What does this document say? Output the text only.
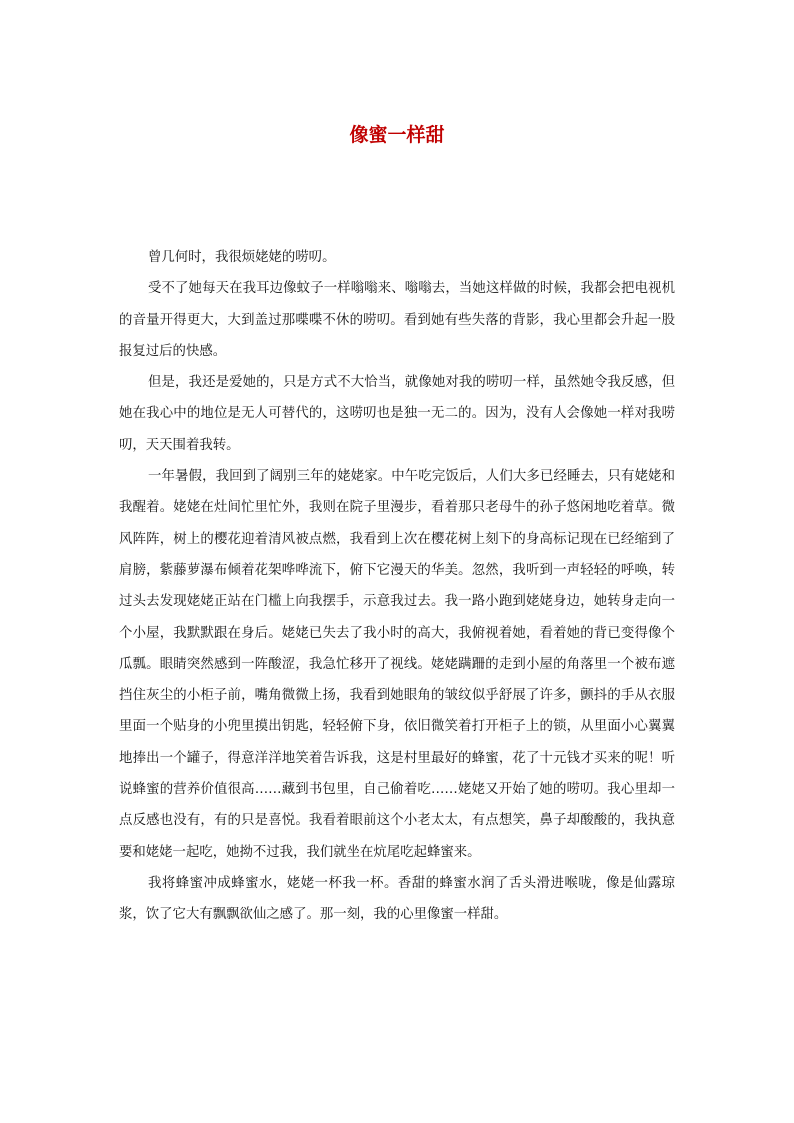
像蜜一样甜

曾几何时，我很烦姥姥的唠叨。

受不了她每天在我耳边像蚊子一样嗡嗡来、嗡嗡去，当她这样做的时候，我都会把电视机的音量开得更大，大到盖过那喋喋不休的唠叨。看到她有些失落的背影，我心里都会升起一股报复过后的快感。

但是，我还是爱她的，只是方式不大恰当，就像她对我的唠叨一样，虽然她令我反感，但她在我心中的地位是无人可替代的，这唠叨也是独一无二的。因为，没有人会像她一样对我唠叨，天天围着我转。

一年暑假，我回到了阔别三年的姥姥家。中午吃完饭后，人们大多已经睡去，只有姥姥和我醒着。姥姥在灶间忙里忙外，我则在院子里漫步，看着那只老母牛的孙子悠闲地吃着草。微风阵阵，树上的樱花迎着清风被点燃，我看到上次在樱花树上刻下的身高标记现在已经缩到了肩膀，紫藤萝瀑布倾着花架哗哗流下，俯下它漫天的华美。忽然，我听到一声轻轻的呼唤，转过头去发现姥姥正站在门槛上向我摆手，示意我过去。我一路小跑到姥姥身边，她转身走向一个小屋，我默默跟在身后。姥姥已失去了我小时的高大，我俯视着她，看着她的背已变得像个瓜瓢。眼睛突然感到一阵酸涩，我急忙移开了视线。姥姥蹒跚的走到小屋的角落里一个被布遮挡住灰尘的小柜子前，嘴角微微上扬，我看到她眼角的皱纹似乎舒展了许多，颤抖的手从衣服里面一个贴身的小兜里摸出钥匙，轻轻俯下身，依旧微笑着打开柜子上的锁，从里面小心翼翼地捧出一个罐子，得意洋洋地笑着告诉我，这是村里最好的蜂蜜，花了十元钱才买来的呢！听说蜂蜜的营养价值很高……藏到书包里，自己偷着吃……姥姥又开始了她的唠叨。我心里却一点反感也没有，有的只是喜悦。我看着眼前这个小老太太，有点想笑，鼻子却酸酸的，我执意要和姥姥一起吃，她拗不过我，我们就坐在炕尾吃起蜂蜜来。

我将蜂蜜冲成蜂蜜水，姥姥一杯我一杯。香甜的蜂蜜水润了舌头滑进喉咙，像是仙露琼浆，饮了它大有飘飘欲仙之感了。那一刻，我的心里像蜜一样甜。
